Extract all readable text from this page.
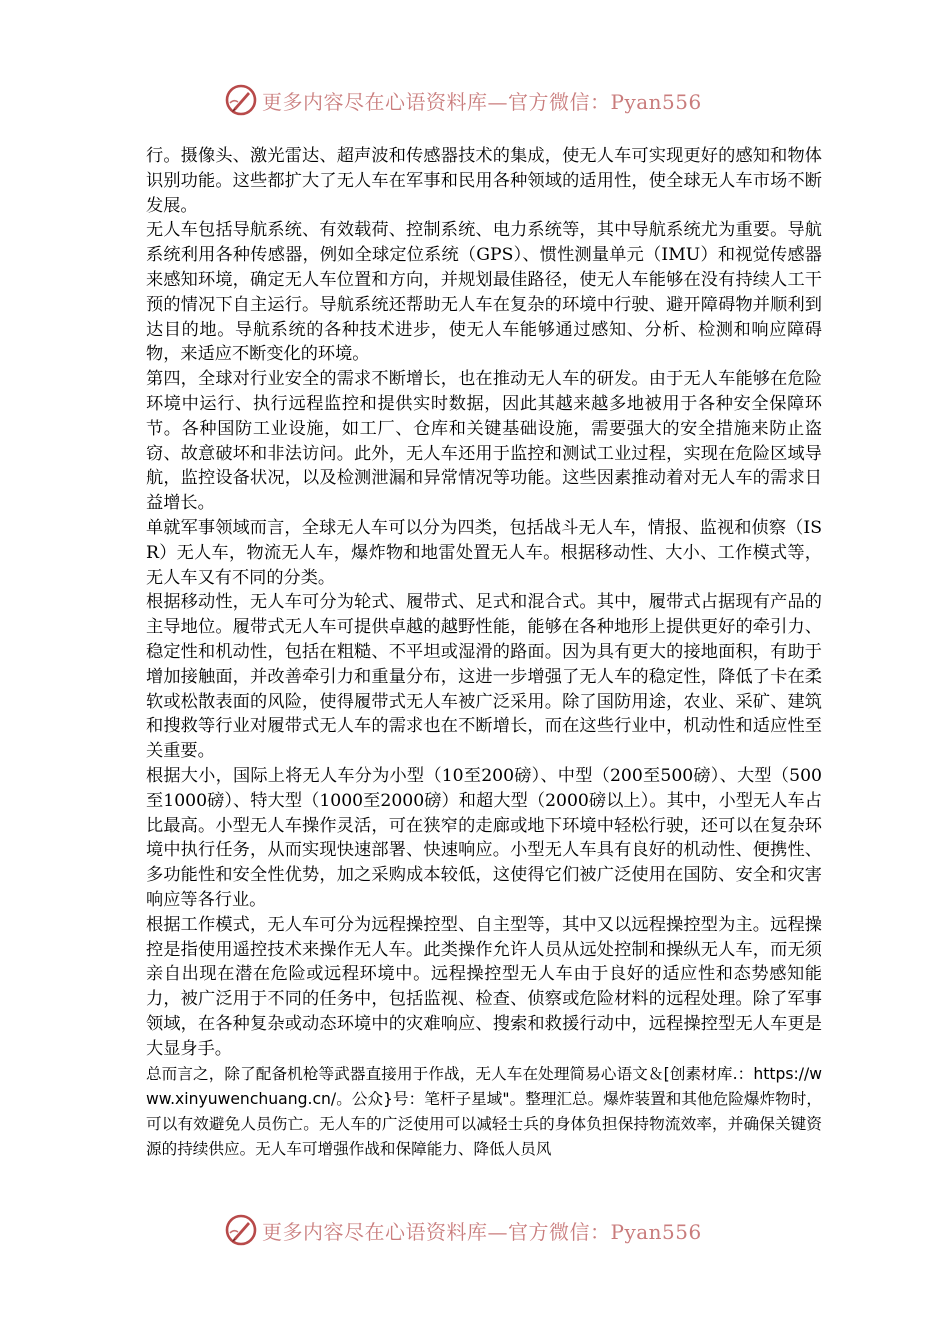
更多内容尽在心语资料库—官方微信：Pyan556

行。摄像头、激光雷达、超声波和传感器技术的集成，使无人车可实现更好的感知和物体识别功能。这些都扩大了无人车在军事和民用各种领域的适用性，使全球无人车市场不断发展。

无人车包括导航系统、有效载荷、控制系统、电力系统等，其中导航系统尤为重要。导航系统利用各种传感器，例如全球定位系统（GPS）、惯性测量单元（IMU）和视觉传感器来感知环境，确定无人车位置和方向，并规划最佳路径，使无人车能够在没有持续人工干预的情况下自主运行。导航系统还帮助无人车在复杂的环境中行驶、避开障碍物并顺利到达目的地。导航系统的各种技术进步，使无人车能够通过感知、分析、检测和响应障碍物，来适应不断变化的环境。

第四，全球对行业安全的需求不断增长，也在推动无人车的研发。由于无人车能够在危险环境中运行、执行远程监控和提供实时数据，因此其越来越多地被用于各种安全保障环节。各种国防工业设施，如工厂、仓库和关键基础设施，需要强大的安全措施来防止盗窃、故意破坏和非法访问。此外，无人车还用于监控和测试工业过程，实现在危险区域导航，监控设备状况，以及检测泄漏和异常情况等功能。这些因素推动着对无人车的需求日益增长。

单就军事领域而言，全球无人车可以分为四类，包括战斗无人车，情报、监视和侦察（ISR）无人车，物流无人车，爆炸物和地雷处置无人车。根据移动性、大小、工作模式等，无人车又有不同的分类。

根据移动性，无人车可分为轮式、履带式、足式和混合式。其中，履带式占据现有产品的主导地位。履带式无人车可提供卓越的越野性能，能够在各种地形上提供更好的牵引力、稳定性和机动性，包括在粗糙、不平坦或湿滑的路面。因为具有更大的接地面积，有助于增加接触面，并改善牵引力和重量分布，这进一步增强了无人车的稳定性，降低了卡在柔软或松散表面的风险，使得履带式无人车被广泛采用。除了国防用途，农业、采矿、建筑和搜救等行业对履带式无人车的需求也在不断增长，而在这些行业中，机动性和适应性至关重要。

根据大小，国际上将无人车分为小型（10至200磅）、中型（200至500磅）、大型（500至1000磅）、特大型（1000至2000磅）和超大型（2000磅以上）。其中，小型无人车占比最高。小型无人车操作灵活，可在狭窄的走廊或地下环境中轻松行驶，还可以在复杂环境中执行任务，从而实现快速部署、快速响应。小型无人车具有良好的机动性、便携性、多功能性和安全性优势，加之采购成本较低，这使得它们被广泛使用在国防、安全和灾害响应等各行业。

根据工作模式，无人车可分为远程操控型、自主型等，其中又以远程操控型为主。远程操控是指使用遥控技术来操作无人车。此类操作允许人员从远处控制和操纵无人车，而无须亲自出现在潜在危险或远程环境中。远程操控型无人车由于良好的适应性和态势感知能力，被广泛用于不同的任务中，包括监视、检查、侦察或危险材料的远程处理。除了军事领域，在各种复杂或动态环境中的灾难响应、搜索和救援行动中，远程操控型无人车更是大显身手。

总而言之，除了配备机枪等武器直接用于作战，无人车在处理简易心语文＆[创素材库.：https://www.xinyuwenchuang.cn/。公众}号：笔杆子星域"。整理汇总。爆炸装置和其他危险爆炸物时，可以有效避免人员伤亡。无人车的广泛使用可以减轻士兵的身体负担保持物流效率，并确保关键资源的持续供应。无人车可增强作战和保障能力、降低人员风

更多内容尽在心语资料库—官方微信：Pyan556
